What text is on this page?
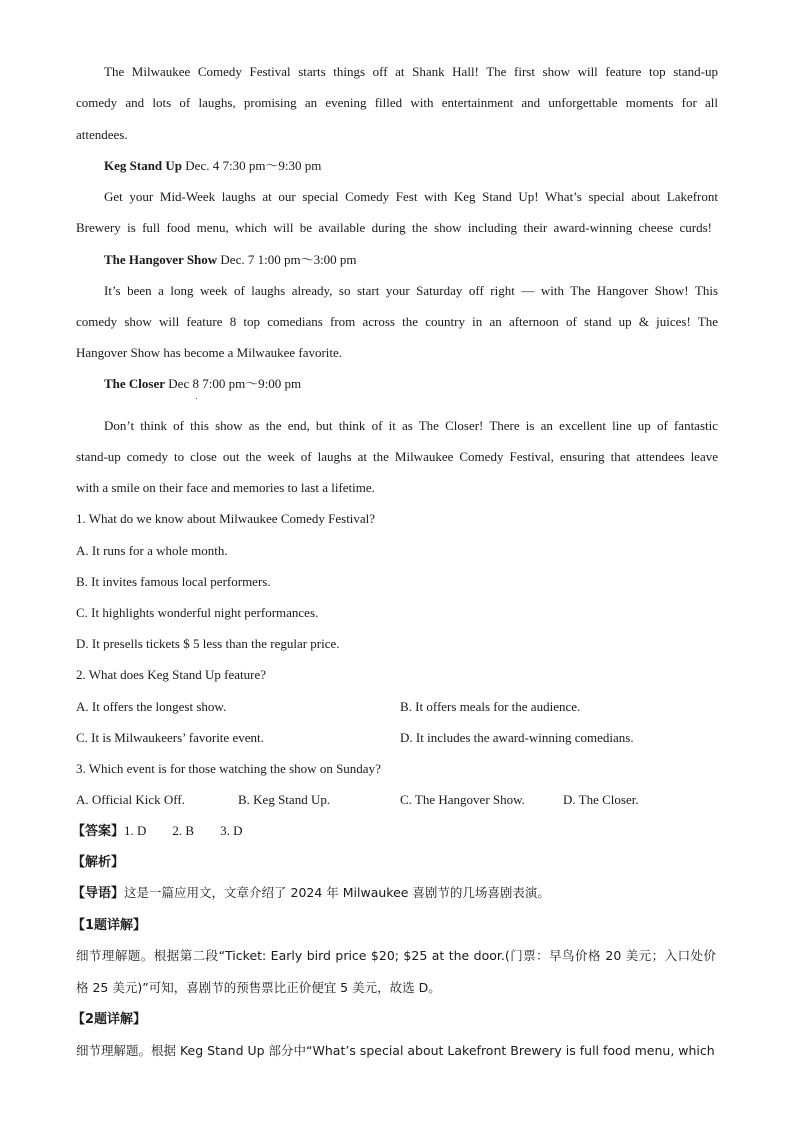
The Milwaukee Comedy Festival starts things off at Shank Hall! The first show will feature top stand-up
comedy and lots of laughs, promising an evening filled with entertainment and unforgettable moments for all
attendees.
Keg Stand Up Dec. 4 7:30 pm～9:30 pm
Get your Mid-Week laughs at our special Comedy Fest with Keg Stand Up! What’s special about Lakefront
Brewery is full food menu, which will be available during the show including their award-winning cheese curds!
The Hangover Show Dec. 7 1:00 pm～3:00 pm
It’s been a long week of laughs already, so start your Saturday off right — with The Hangover Show! This
comedy show will feature 8 top comedians from across the country in an afternoon of stand up & juices! The
Hangover Show has become a Milwaukee favorite.
The Closer Dec 8 7:00 pm～9:00 pm
Don’t think of this show as the end, but think of it as The Closer! There is an excellent line up of fantastic
stand-up comedy to close out the week of laughs at the Milwaukee Comedy Festival, ensuring that attendees leave
with a smile on their face and memories to last a lifetime.
1. What do we know about Milwaukee Comedy Festival?
A. It runs for a whole month.
B. It invites famous local performers.
C. It highlights wonderful night performances.
D. It presells tickets $ 5 less than the regular price.
2. What does Keg Stand Up feature?
A. It offers the longest show.	B. It offers meals for the audience.
C. It is Milwaukeers’ favorite event.	D. It includes the award-winning comedians.
3. Which event is for those watching the show on Sunday?
A. Official Kick Off.	B. Keg Stand Up.	C. The Hangover Show.	D. The Closer.
【答案】1. D        2. B        3. D
【解析】
【导语】这是一篇应用文，文章介绍了 2024 年 Milwaukee 喜剧节的几场喜剧表演。
【1题详解】
细节理解题。根据第二段“Ticket: Early bird price $20; $25 at the door.(门票：早鸟价格 20 美元；入口处价
格 25 美元)”可知，喜剧节的预售票比正价便宜 5 美元，故选 D。
【2题详解】
细节理解题。根据 Keg Stand Up 部分中“What’s special about Lakefront Brewery is full food menu, which
